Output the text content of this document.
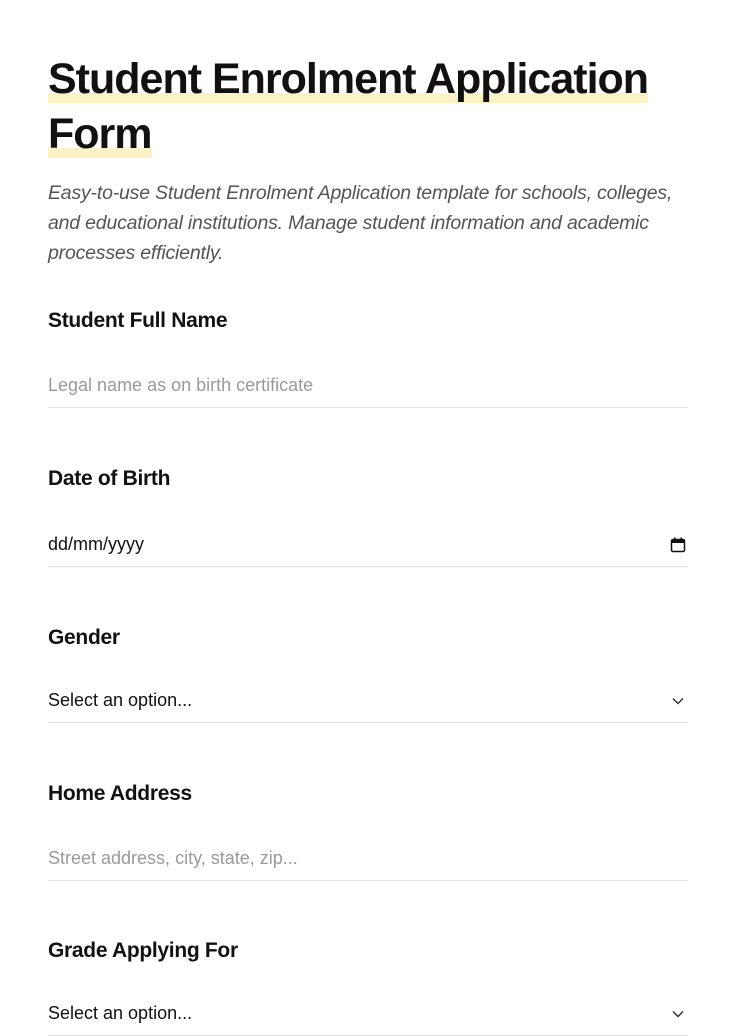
Student Enrolment Application
Form

Easy-to-use Student Enrolment Application template for schools, colleges, and educational institutions. Manage student information and academic processes efficiently.

Student Full Name
Legal name as on birth certificate
Date of Birth
dd/mm/yyyy
Gender
Select an option...
Home Address
Street address, city, state, zip...
Grade Applying For
Select an option...
